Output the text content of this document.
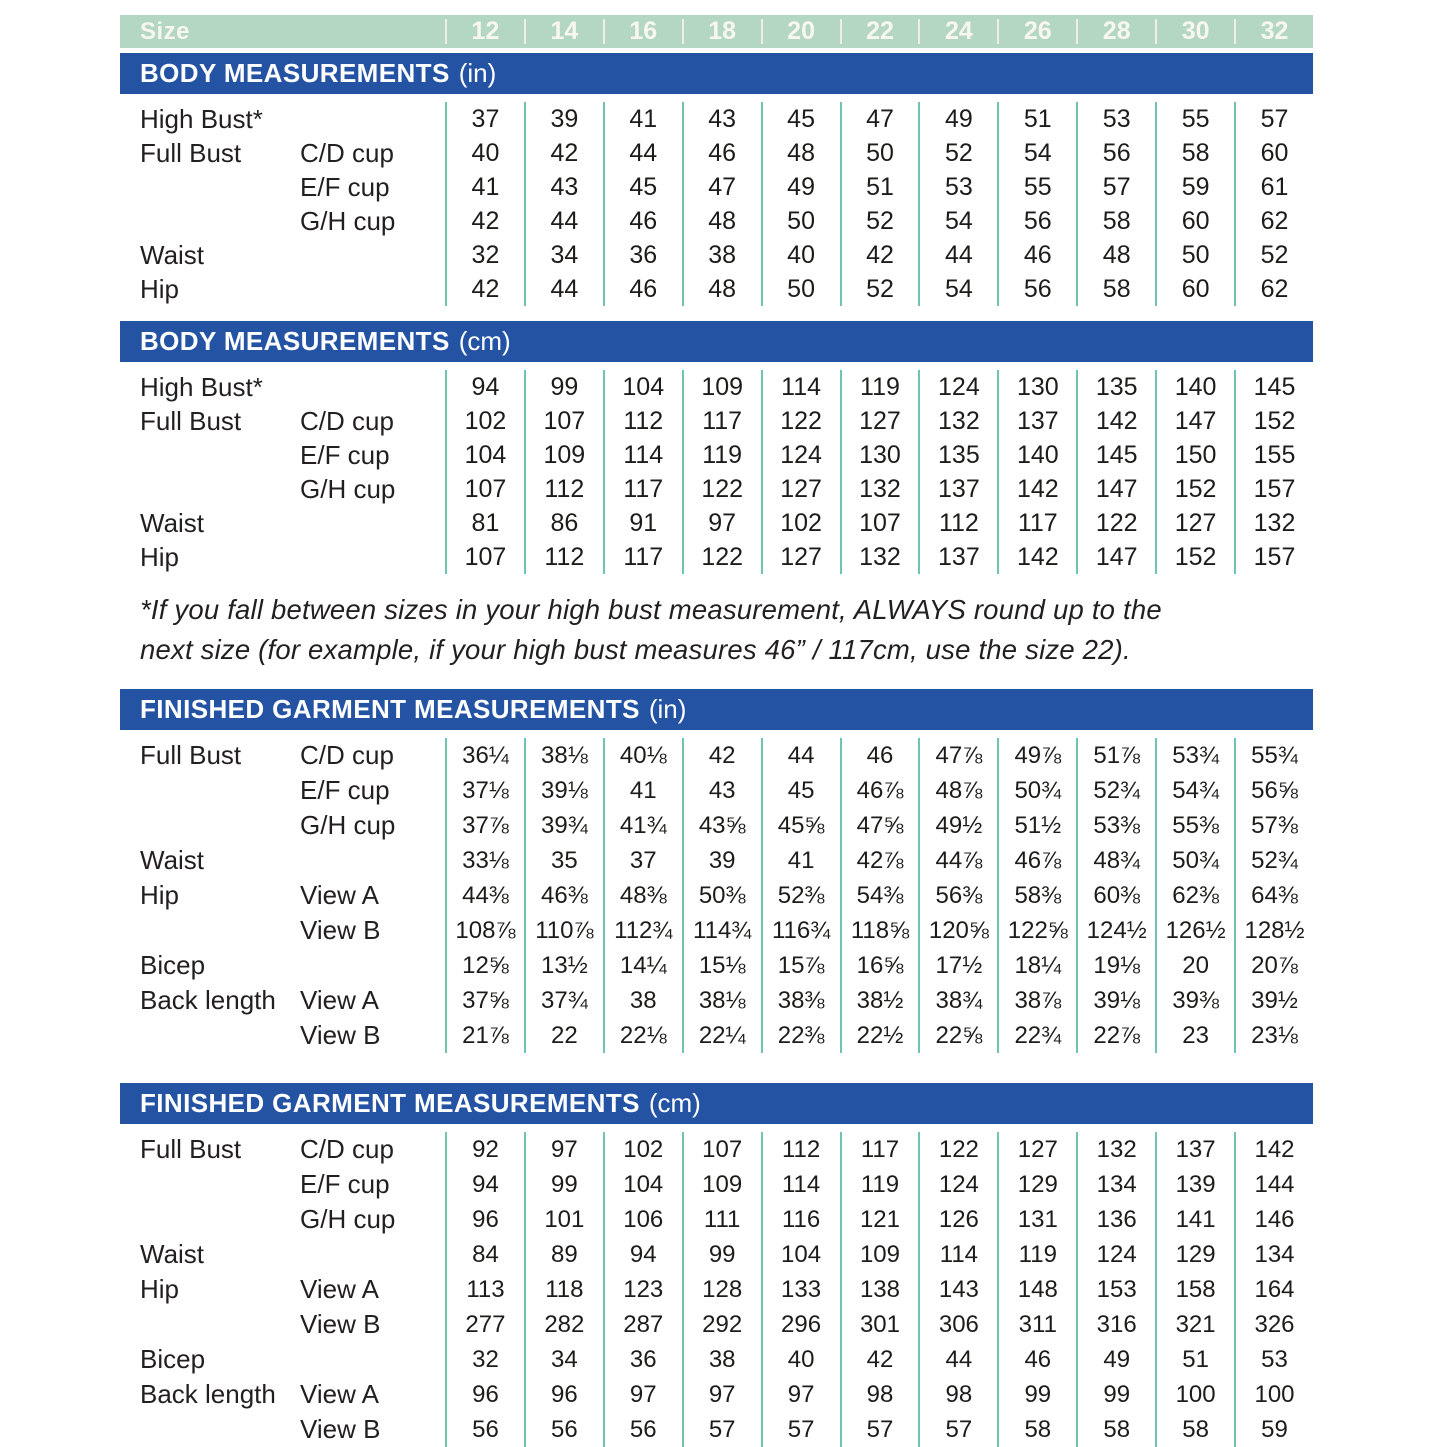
Size	12	14	16	18	20	22	24	26	28	30	32
BODY MEASUREMENTS (in)
High Bust*	37	39	41	43	45	47	49	51	53	55	57
Full Bust	C/D cup	40	42	44	46	48	50	52	54	56	58	60
E/F cup	41	43	45	47	49	51	53	55	57	59	61
G/H cup	42	44	46	48	50	52	54	56	58	60	62
Waist	32	34	36	38	40	42	44	46	48	50	52
Hip	42	44	46	48	50	52	54	56	58	60	62
BODY MEASUREMENTS (cm)
High Bust*	94	99	104	109	114	119	124	130	135	140	145
Full Bust	C/D cup	102	107	112	117	122	127	132	137	142	147	152
E/F cup	104	109	114	119	124	130	135	140	145	150	155
G/H cup	107	112	117	122	127	132	137	142	147	152	157
Waist	81	86	91	97	102	107	112	117	122	127	132
Hip	107	112	117	122	127	132	137	142	147	152	157
*If you fall between sizes in your high bust measurement, ALWAYS round up to the
next size (for example, if your high bust measures 46” / 117cm, use the size 22).
FINISHED GARMENT MEASUREMENTS (in)
Full Bust	C/D cup	36¼	38⅛	40⅛	42	44	46	47⅞	49⅞	51⅞	53¾	55¾
E/F cup	37⅛	39⅛	41	43	45	46⅞	48⅞	50¾	52¾	54¾	56⅝
G/H cup	37⅞	39¾	41¾	43⅝	45⅝	47⅝	49½	51½	53⅜	55⅜	57⅜
Waist	33⅛	35	37	39	41	42⅞	44⅞	46⅞	48¾	50¾	52¾
Hip	View A	44⅜	46⅜	48⅜	50⅜	52⅜	54⅜	56⅜	58⅜	60⅜	62⅜	64⅜
View B	108⅞ 110⅞ 112¾ 114¾ 116¾ 118⅝ 120⅝ 122⅝ 124½ 126½ 128½
Bicep	12⅝	13½	14¼	15⅛	15⅞	16⅝	17½	18¼	19⅛	20	20⅞
Back length View A	37⅝	37¾	38	38⅛	38⅜	38½	38¾	38⅞	39⅛	39⅜	39½
View B	21⅞	22	22⅛	22¼	22⅜	22½	22⅝	22¾	22⅞	23	23⅛
FINISHED GARMENT MEASUREMENTS (cm)
Full Bust	C/D cup	92	97	102	107	112	117	122	127	132	137	142
E/F cup	94	99	104	109	114	119	124	129	134	139	144
G/H cup	96	101	106	111	116	121	126	131	136	141	146
Waist	84	89	94	99	104	109	114	119	124	129	134
Hip	View A	113	118	123	128	133	138	143	148	153	158	164
View B	277	282	287	292	296	301	306	311	316	321	326
Bicep	32	34	36	38	40	42	44	46	49	51	53
Back length View A	96	96	97	97	97	98	98	99	99	100	100
View B	56	56	56	57	57	57	57	58	58	58	59
